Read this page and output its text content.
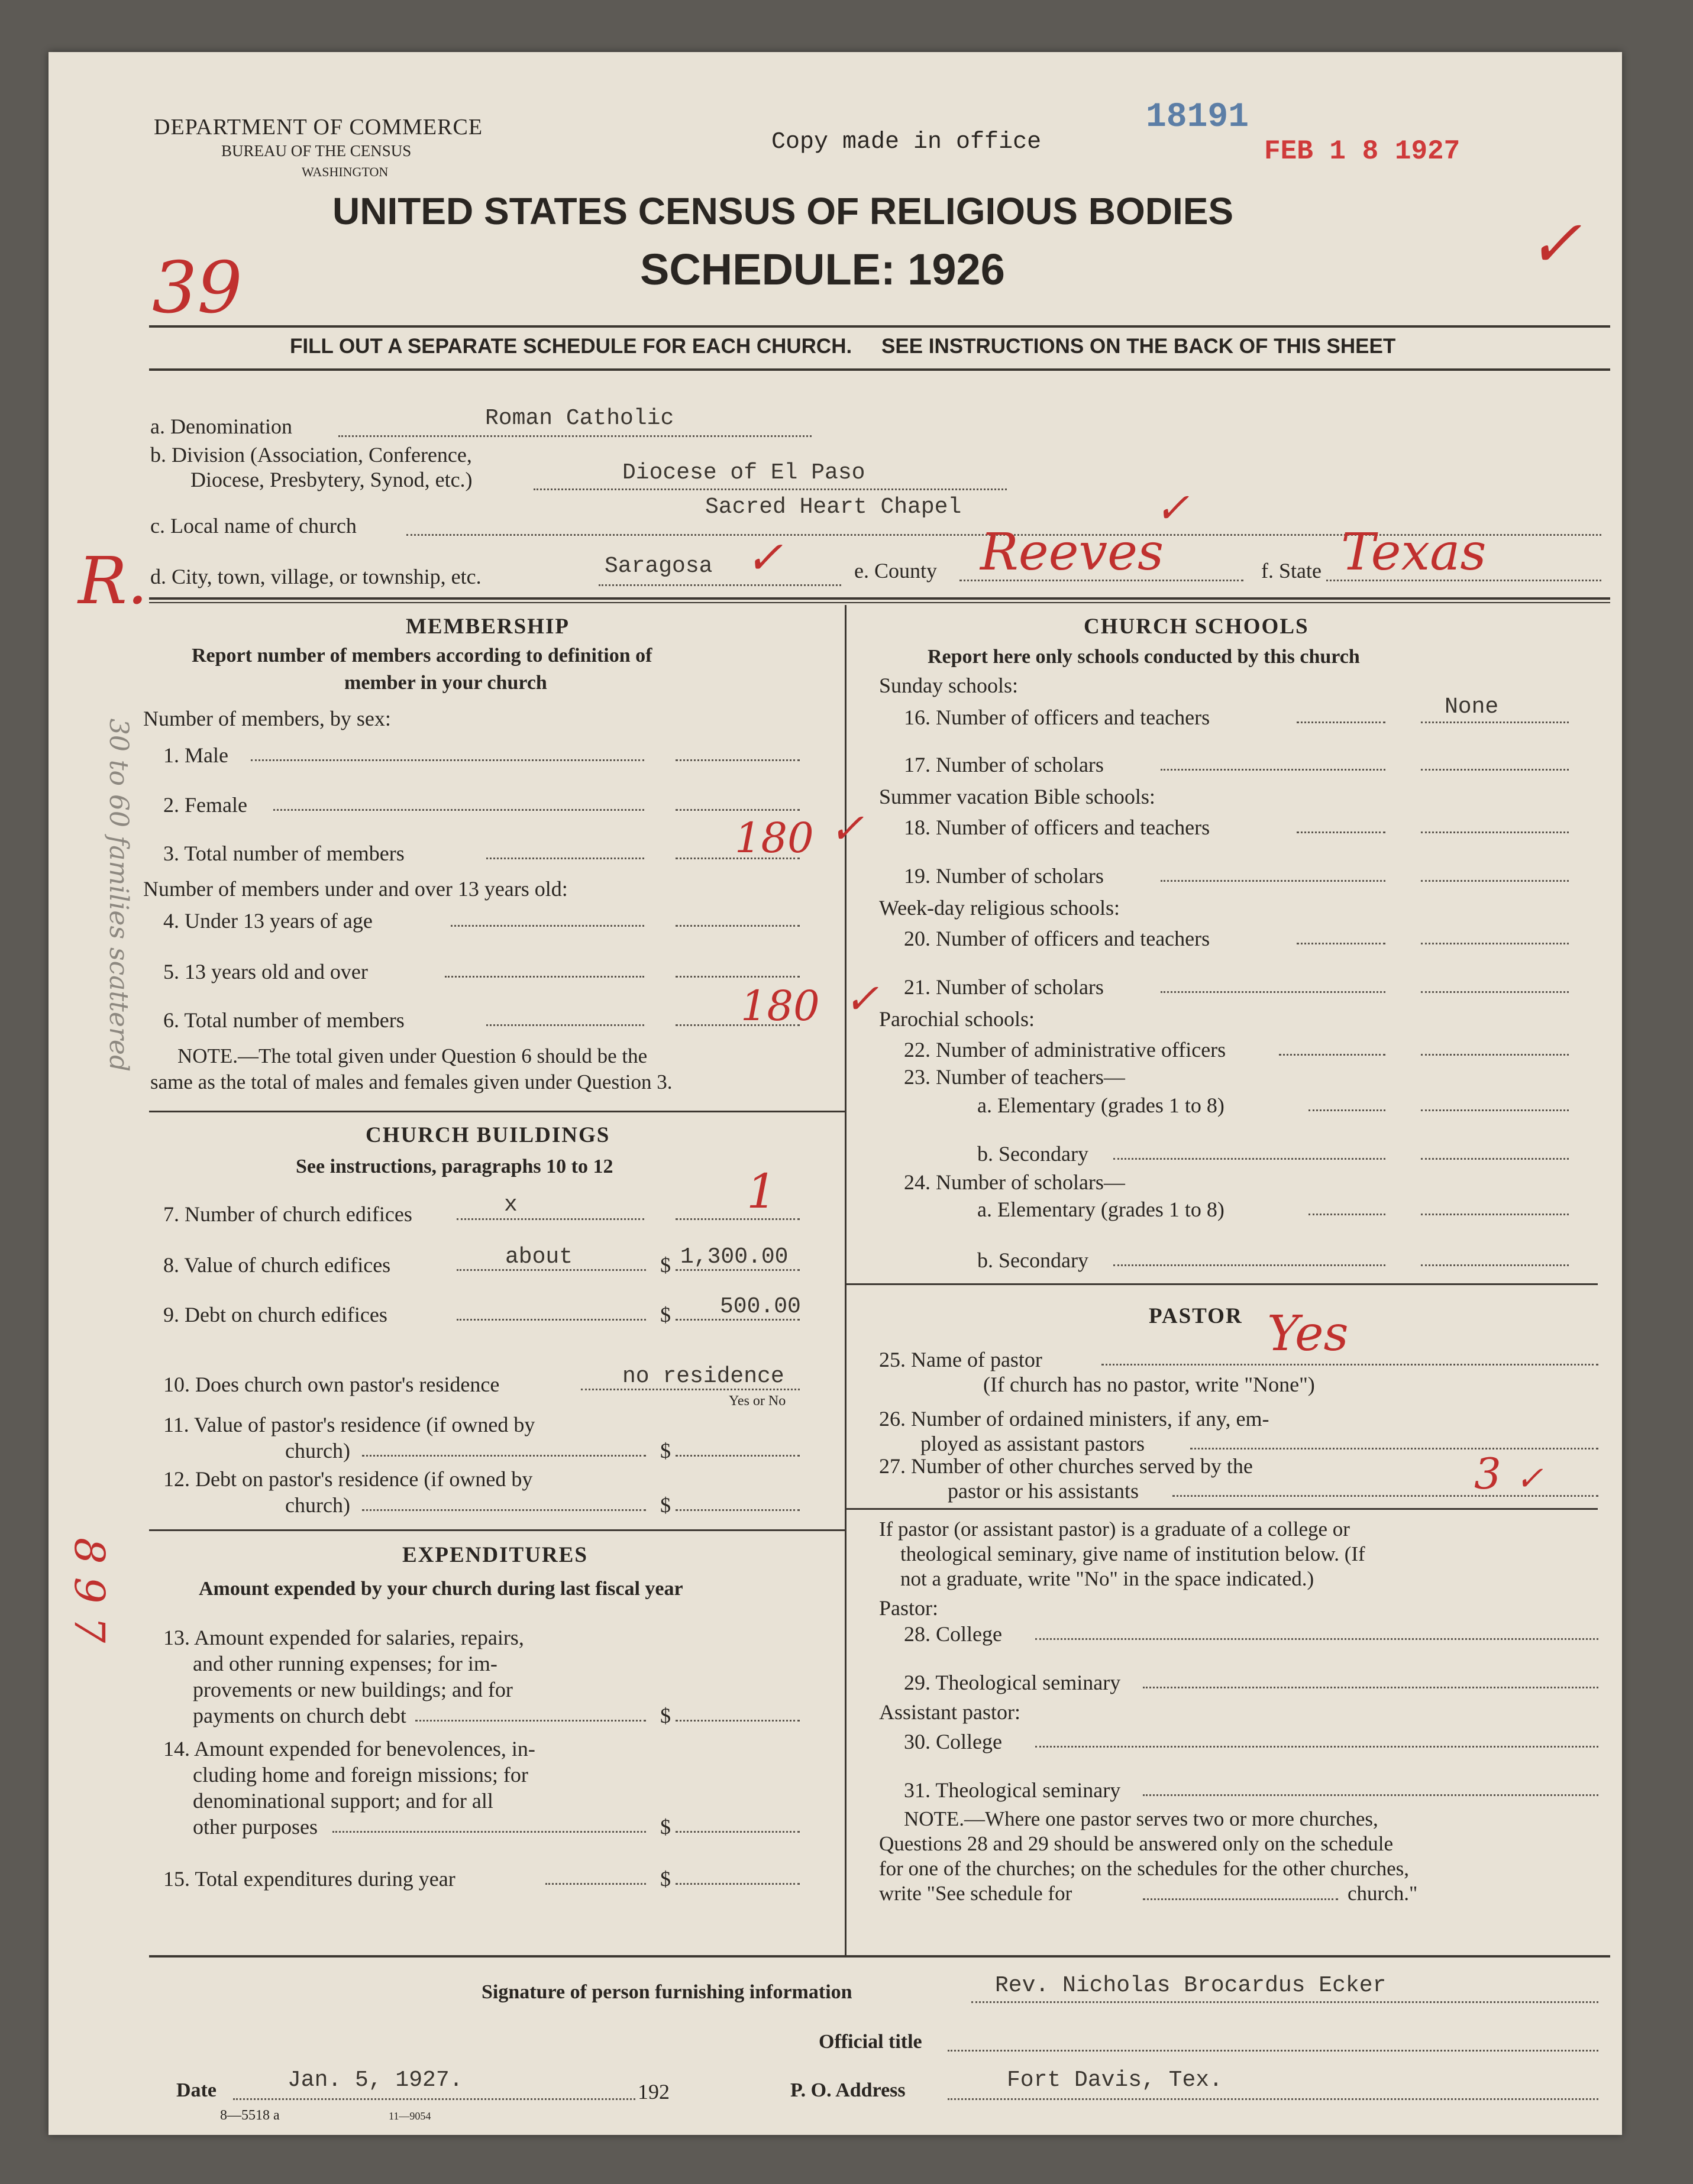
DEPARTMENT OF COMMERCE
BUREAU OF THE CENSUS
WASHINGTON
Copy made in office
18191
FEB 1 8 1927
UNITED STATES CENSUS OF RELIGIOUS BODIES
SCHEDULE: 1926
FILL OUT A SEPARATE SCHEDULE FOR EACH CHURCH. SEE INSTRUCTIONS ON THE BACK OF THIS SHEET
39
R.
30 to 60 families scattered
8 9 7
✓
a. Denomination	Roman Catholic
b. Division (Association, Conference,
Diocese, Presbytery, Synod, etc.)	Diocese of El Paso
c. Local name of church
Sacred Heart Chapel	✓
d. City, town, village, or township, etc.	Saragosa ✓	e. County Reeves	f. State Texas
MEMBERSHIP
Report number of members according to definition of
member in your church
Number of members, by sex:
1. Male
2. Female
3. Total number of members	180 ✓
Number of members under and over 13 years old:
4. Under 13 years of age
5. 13 years old and over
6. Total number of members	180 ✓
NOTE.—The total given under Question 6 should be the
same as the total of males and females given under Question 3.
CHURCH BUILDINGS
See instructions, paragraphs 10 to 12
7. Number of church edifices	x	1
8. Value of church edifices	about	$ 1,300.00
9. Debt on church edifices	$ 500.00
10. Does church own pastor's residence	no residence
Yes or No
11. Value of pastor's residence (if owned by
church)	$
12. Debt on pastor's residence (if owned by
church)	$
EXPENDITURES
Amount expended by your church during last fiscal year
13. Amount expended for salaries, repairs,
and other running expenses; for im-
provements or new buildings; and for
payments on church debt	$
14. Amount expended for benevolences, in-
cluding home and foreign missions; for
denominational support; and for all
other purposes	$
15. Total expenditures during year	$
CHURCH SCHOOLS
Report here only schools conducted by this church
Sunday schools:
16. Number of officers and teachers	None
17. Number of scholars
Summer vacation Bible schools:
18. Number of officers and teachers
19. Number of scholars
Week-day religious schools:
20. Number of officers and teachers
21. Number of scholars
Parochial schools:
22. Number of administrative officers
23. Number of teachers—
a. Elementary (grades 1 to 8)
b. Secondary
24. Number of scholars—
a. Elementary (grades 1 to 8)
b. Secondary
PASTOR
25. Name of pastor	Yes
(If church has no pastor, write "None")
26. Number of ordained ministers, if any, em-
ployed as assistant pastors
27. Number of other churches served by the
pastor or his assistants	3 ✓
If pastor (or assistant pastor) is a graduate of a college or
theological seminary, give name of institution below. (If
not a graduate, write "No" in the space indicated.)
Pastor:
28. College
29. Theological seminary
Assistant pastor:
30. College
31. Theological seminary
NOTE.—Where one pastor serves two or more churches,
Questions 28 and 29 should be answered only on the schedule
for one of the churches; on the schedules for the other churches,
write "See schedule for	church."
Signature of person furnishing information	Rev. Nicholas Brocardus Ecker
Official title
Date	Jan. 5, 1927.	192	P. O. Address	Fort Davis, Tex.
8—5518 a	11—9054
